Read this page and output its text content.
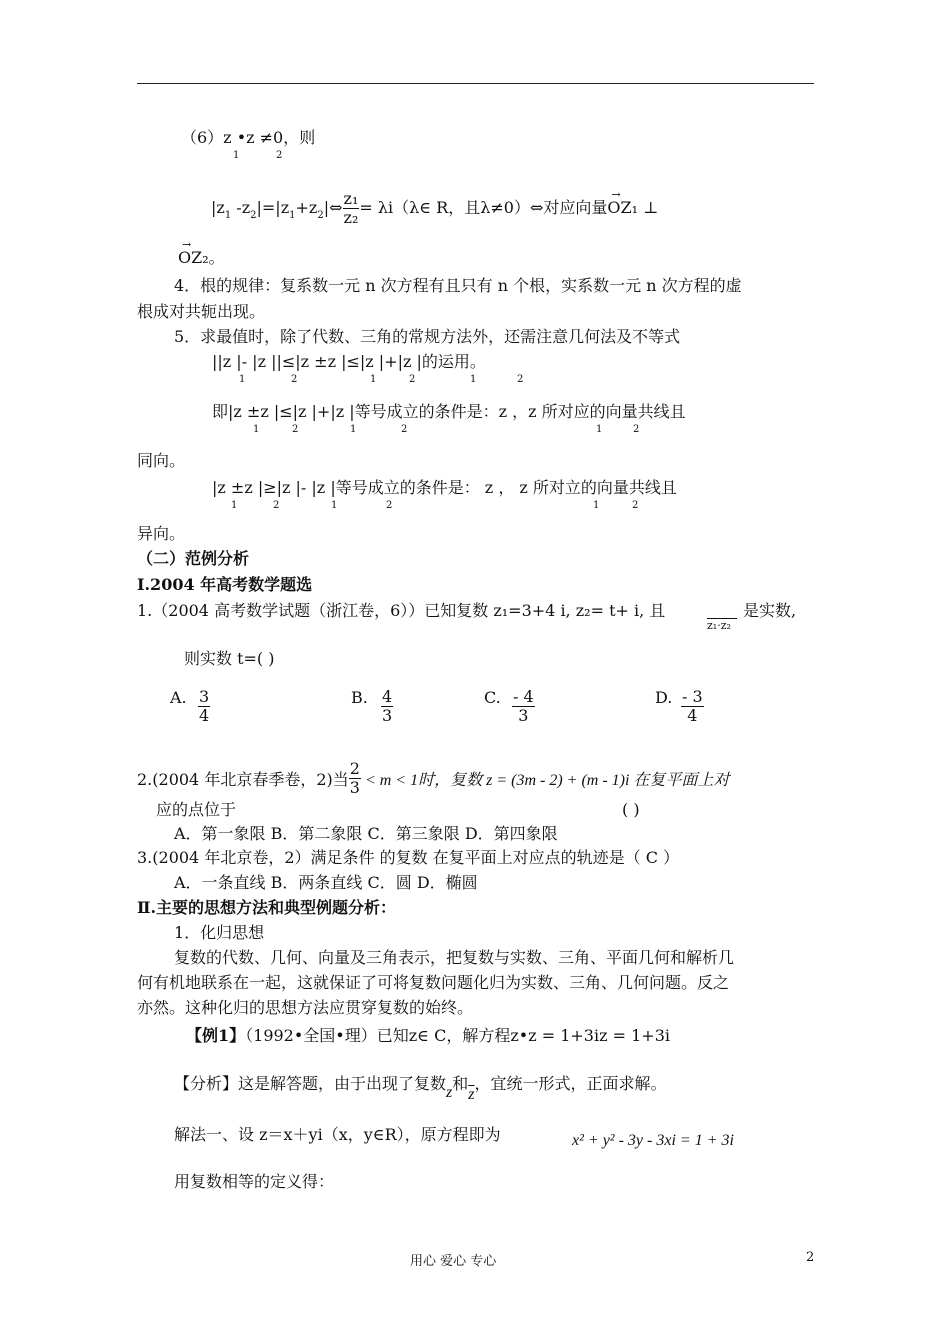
（6）z •z ≠0，则
1	2
$|z_1$ $-z_2|=|z_1+z_2|\Leftrightarrow \frac{\text{z₁}}{\text{z₂}}$ = λi（λ∈ R，且λ≠0）⇔对应向量→ OZ₁ ⊥
→ OZ₂。
4．根的规律：复系数一元 n 次方程有且只有 n 个根，实系数一元 n 次方程的虚
根成对共轭出现。
5．求最值时，除了代数、三角的常规方法外，还需注意几何法及不等式
||z |- |z ||≤|z ±z |≤|z |+|z |的运用。
1	2	1	2	1	2
即|z ±z |≤|z |+|z |等号成立的条件是：z ，z 所对应的向量共线且
1	2	1	2	1	2
同向。
|z ±z |≥|z |- |z |等号成立的条件是： z ， z 所对立的向量共线且
1	2	1	2	1	2
异向。
（二）范例分析
Ⅰ.2004 年高考数学题选
1.（2004 高考数学试题（浙江卷，6））已知复数 z₁=3+4 i, z₂= t+ i, 且

z₁·z₂
是实数,
则实数 t=( )
A. $\frac{3}{4}$	B. $\frac{4}{3}$	C. $\frac{- 4}{3}$	D. $\frac{- 3}{4}$
2.(2004 年北京春季卷，2)当 $\frac{2}{3} < m < 1$时，复数 z = (3m - 2) + (m - 1)i 在复平面上对
应的点位于	( )
A．第一象限 B．第二象限 C．第三象限 D．第四象限
3.(2004 年北京卷，2）满足条件 的复数 在复平面上对应点的轨迹是（ C ）
A．一条直线 B．两条直线 C．圆 D．椭圆
Ⅱ.主要的思想方法和典型例题分析：
1．化归思想
复数的代数、几何、向量及三角表示，把复数与实数、三角、平面几何和解析几
何有机地联系在一起，这就保证了可将复数问题化归为实数、三角、几何问题。反之
亦然。这种化归的思想方法应贯穿复数的始终。
【例1】（1992•全国•理）已知z∈ C，解方程z•z = 1+3iz = 1+3i
【分析】这是解答题，由于出现了复数z和$\overline{z}$，宜统一形式，正面求解。
解法一、设 z＝x＋yi（x，y∈R），原方程即为	x² + y² - 3y - 3xi = 1 + 3i
用复数相等的定义得：
用心 爱心 专心	2
